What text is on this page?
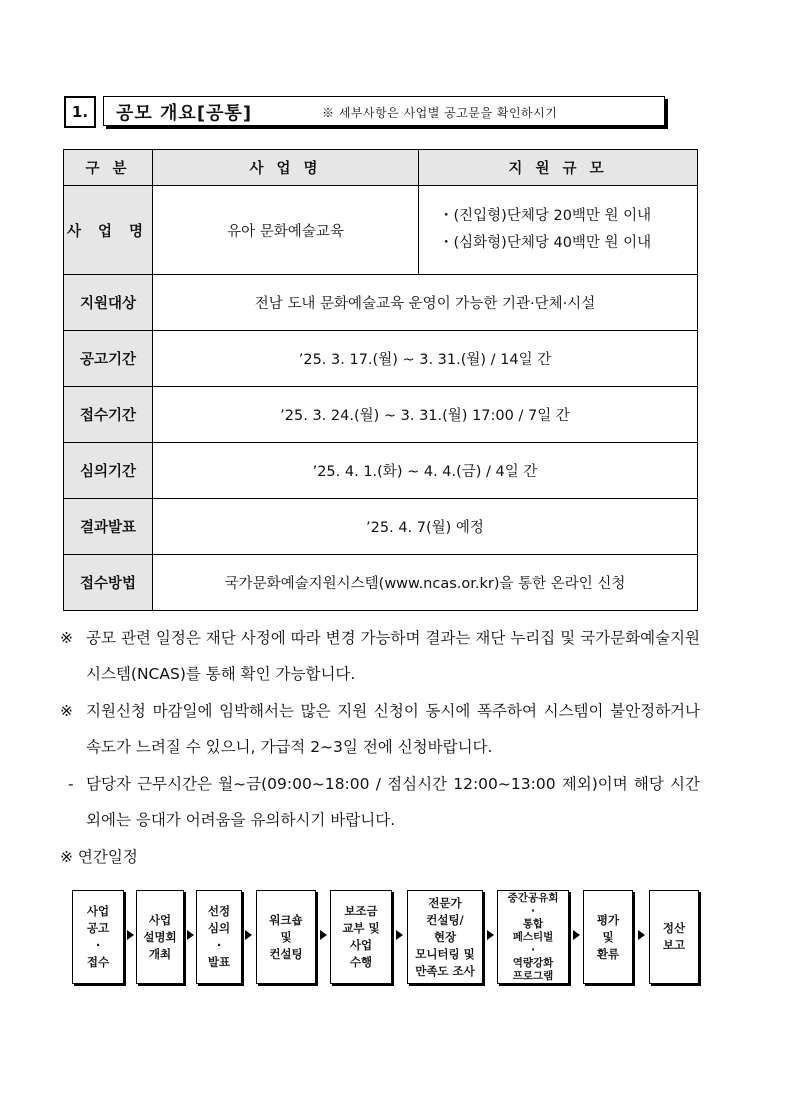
1.	공모 개요[공통]	※ 세부사항은 사업별 공고문을 확인하시기
구 분	사 업 명	지 원 규 모
사 업 명	유아 문화예술교육	・(진입형)단체당 20백만 원 이내
・(심화형)단체당 40백만 원 이내

지원대상	전남 도내 문화예술교육 운영이 가능한 기관·단체·시설	
공고기간	’25. 3. 17.(월) ~ 3. 31.(월) / 14일 간	
접수기간	’25. 3. 24.(월) ~ 3. 31.(월) 17:00 / 7일 간	
심의기간	’25. 4. 1.(화) ~ 4. 4.(금) / 4일 간	
결과발표	’25. 4. 7(월) 예정	
접수방법	국가문화예술지원시스템(www.ncas.or.kr)을 통한 온라인 신청	
※ 공모 관련 일정은 재단 사정에 따라 변경 가능하며 결과는 재단 누리집 및 국가문화예술지원시스템(NCAS)를 통해 확인 가능합니다.
※ 지원신청 마감일에 임박해서는 많은 지원 신청이 동시에 폭주하여 시스템이 불안정하거나 속도가 느려질 수 있으니, 가급적 2~3일 전에 신청바랍니다.
- 담당자 근무시간은 월~금(09:00~18:00 / 점심시간 12:00~13:00 제외)이며 해당 시간 외에는 응대가 어려움을 유의하시기 바랍니다.
※ 연간일정
사업
공고
·
접수
사업
설명회
개최
선정
심의
·
발표
워크숍
및
컨설팅
보조금
교부 및
사업
수행
전문가
컨설팅/
현장
모니터링 및
만족도 조사
중간공유회
·
통합
페스티벌
·
역량강화
프로그램
평가
및
환류
정산
보고
